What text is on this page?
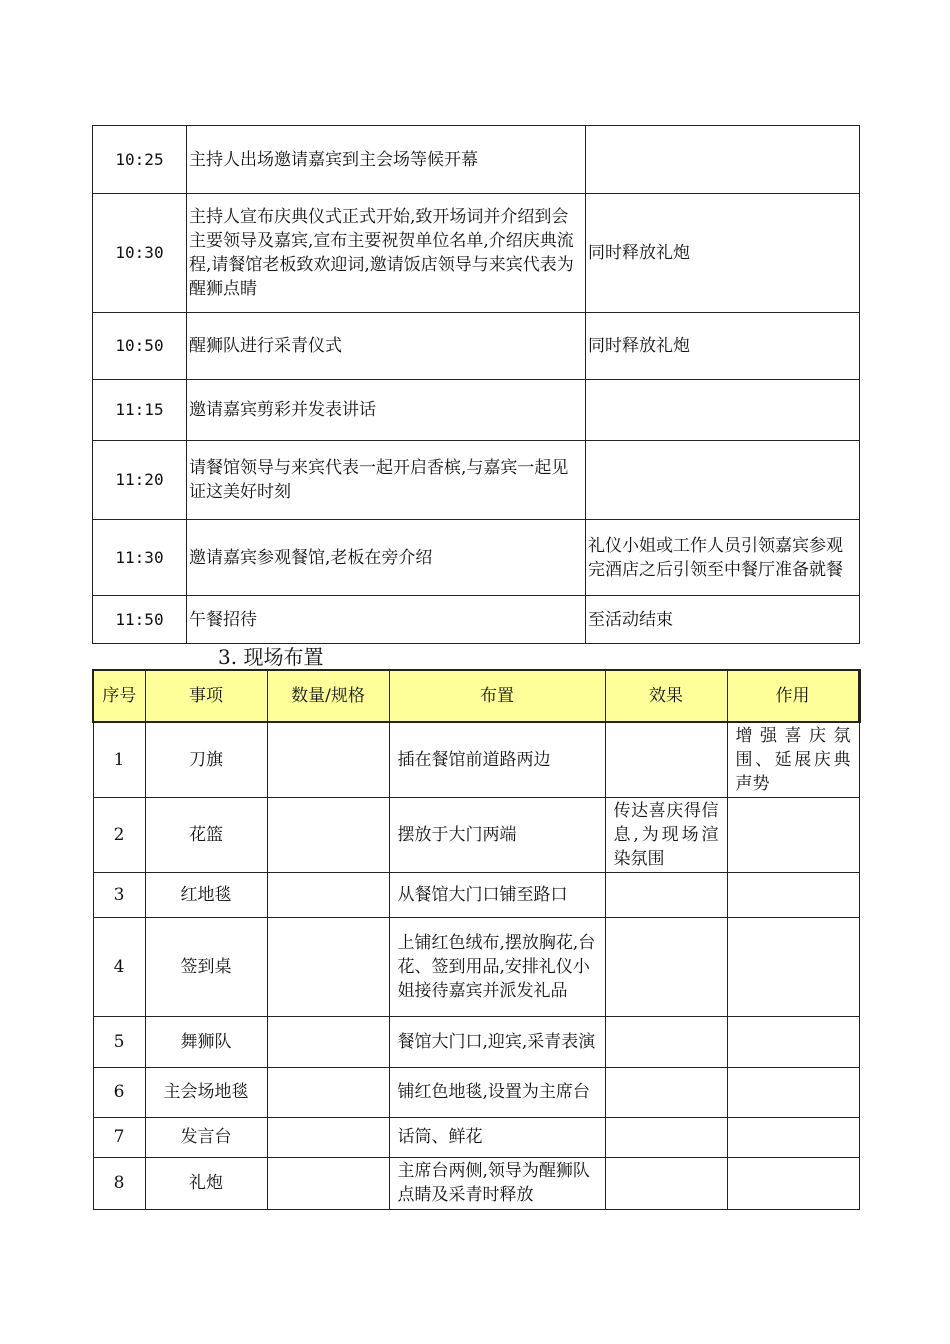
10:25	主持人出场邀请嘉宾到主会场等候开幕	
10:30	主持人宣布庆典仪式正式开始,致开场词并介绍到会主要领导及嘉宾,宣布主要祝贺单位名单,介绍庆典流程,请餐馆老板致欢迎词,邀请饭店领导与来宾代表为醒狮点睛	同时释放礼炮
10:50	醒狮队进行采青仪式	同时释放礼炮
11:15	邀请嘉宾剪彩并发表讲话	
11:20	请餐馆领导与来宾代表一起开启香槟,与嘉宾一起见证这美好时刻	
11:30	邀请嘉宾参观餐馆,老板在旁介绍	礼仪小姐或工作人员引领嘉宾参观完酒店之后引领至中餐厅准备就餐
11:50	午餐招待	至活动结束
3. 现场布置
序号	事项	数量/规格	布置	效果	作用
1	刀旗		插在餐馆前道路两边		增强喜庆氛围、延展庆典声势
2	花篮		摆放于大门两端	传达喜庆得信息,为现场渲染氛围	
3	红地毯		从餐馆大门口铺至路口		
4	签到桌		上铺红色绒布,摆放胸花,台花、签到用品,安排礼仪小姐接待嘉宾并派发礼品		
5	舞狮队		餐馆大门口,迎宾,采青表演		
6	主会场地毯		铺红色地毯,设置为主席台		
7	发言台		话筒、鲜花		
8	礼炮		主席台两侧,领导为醒狮队点睛及采青时释放		
